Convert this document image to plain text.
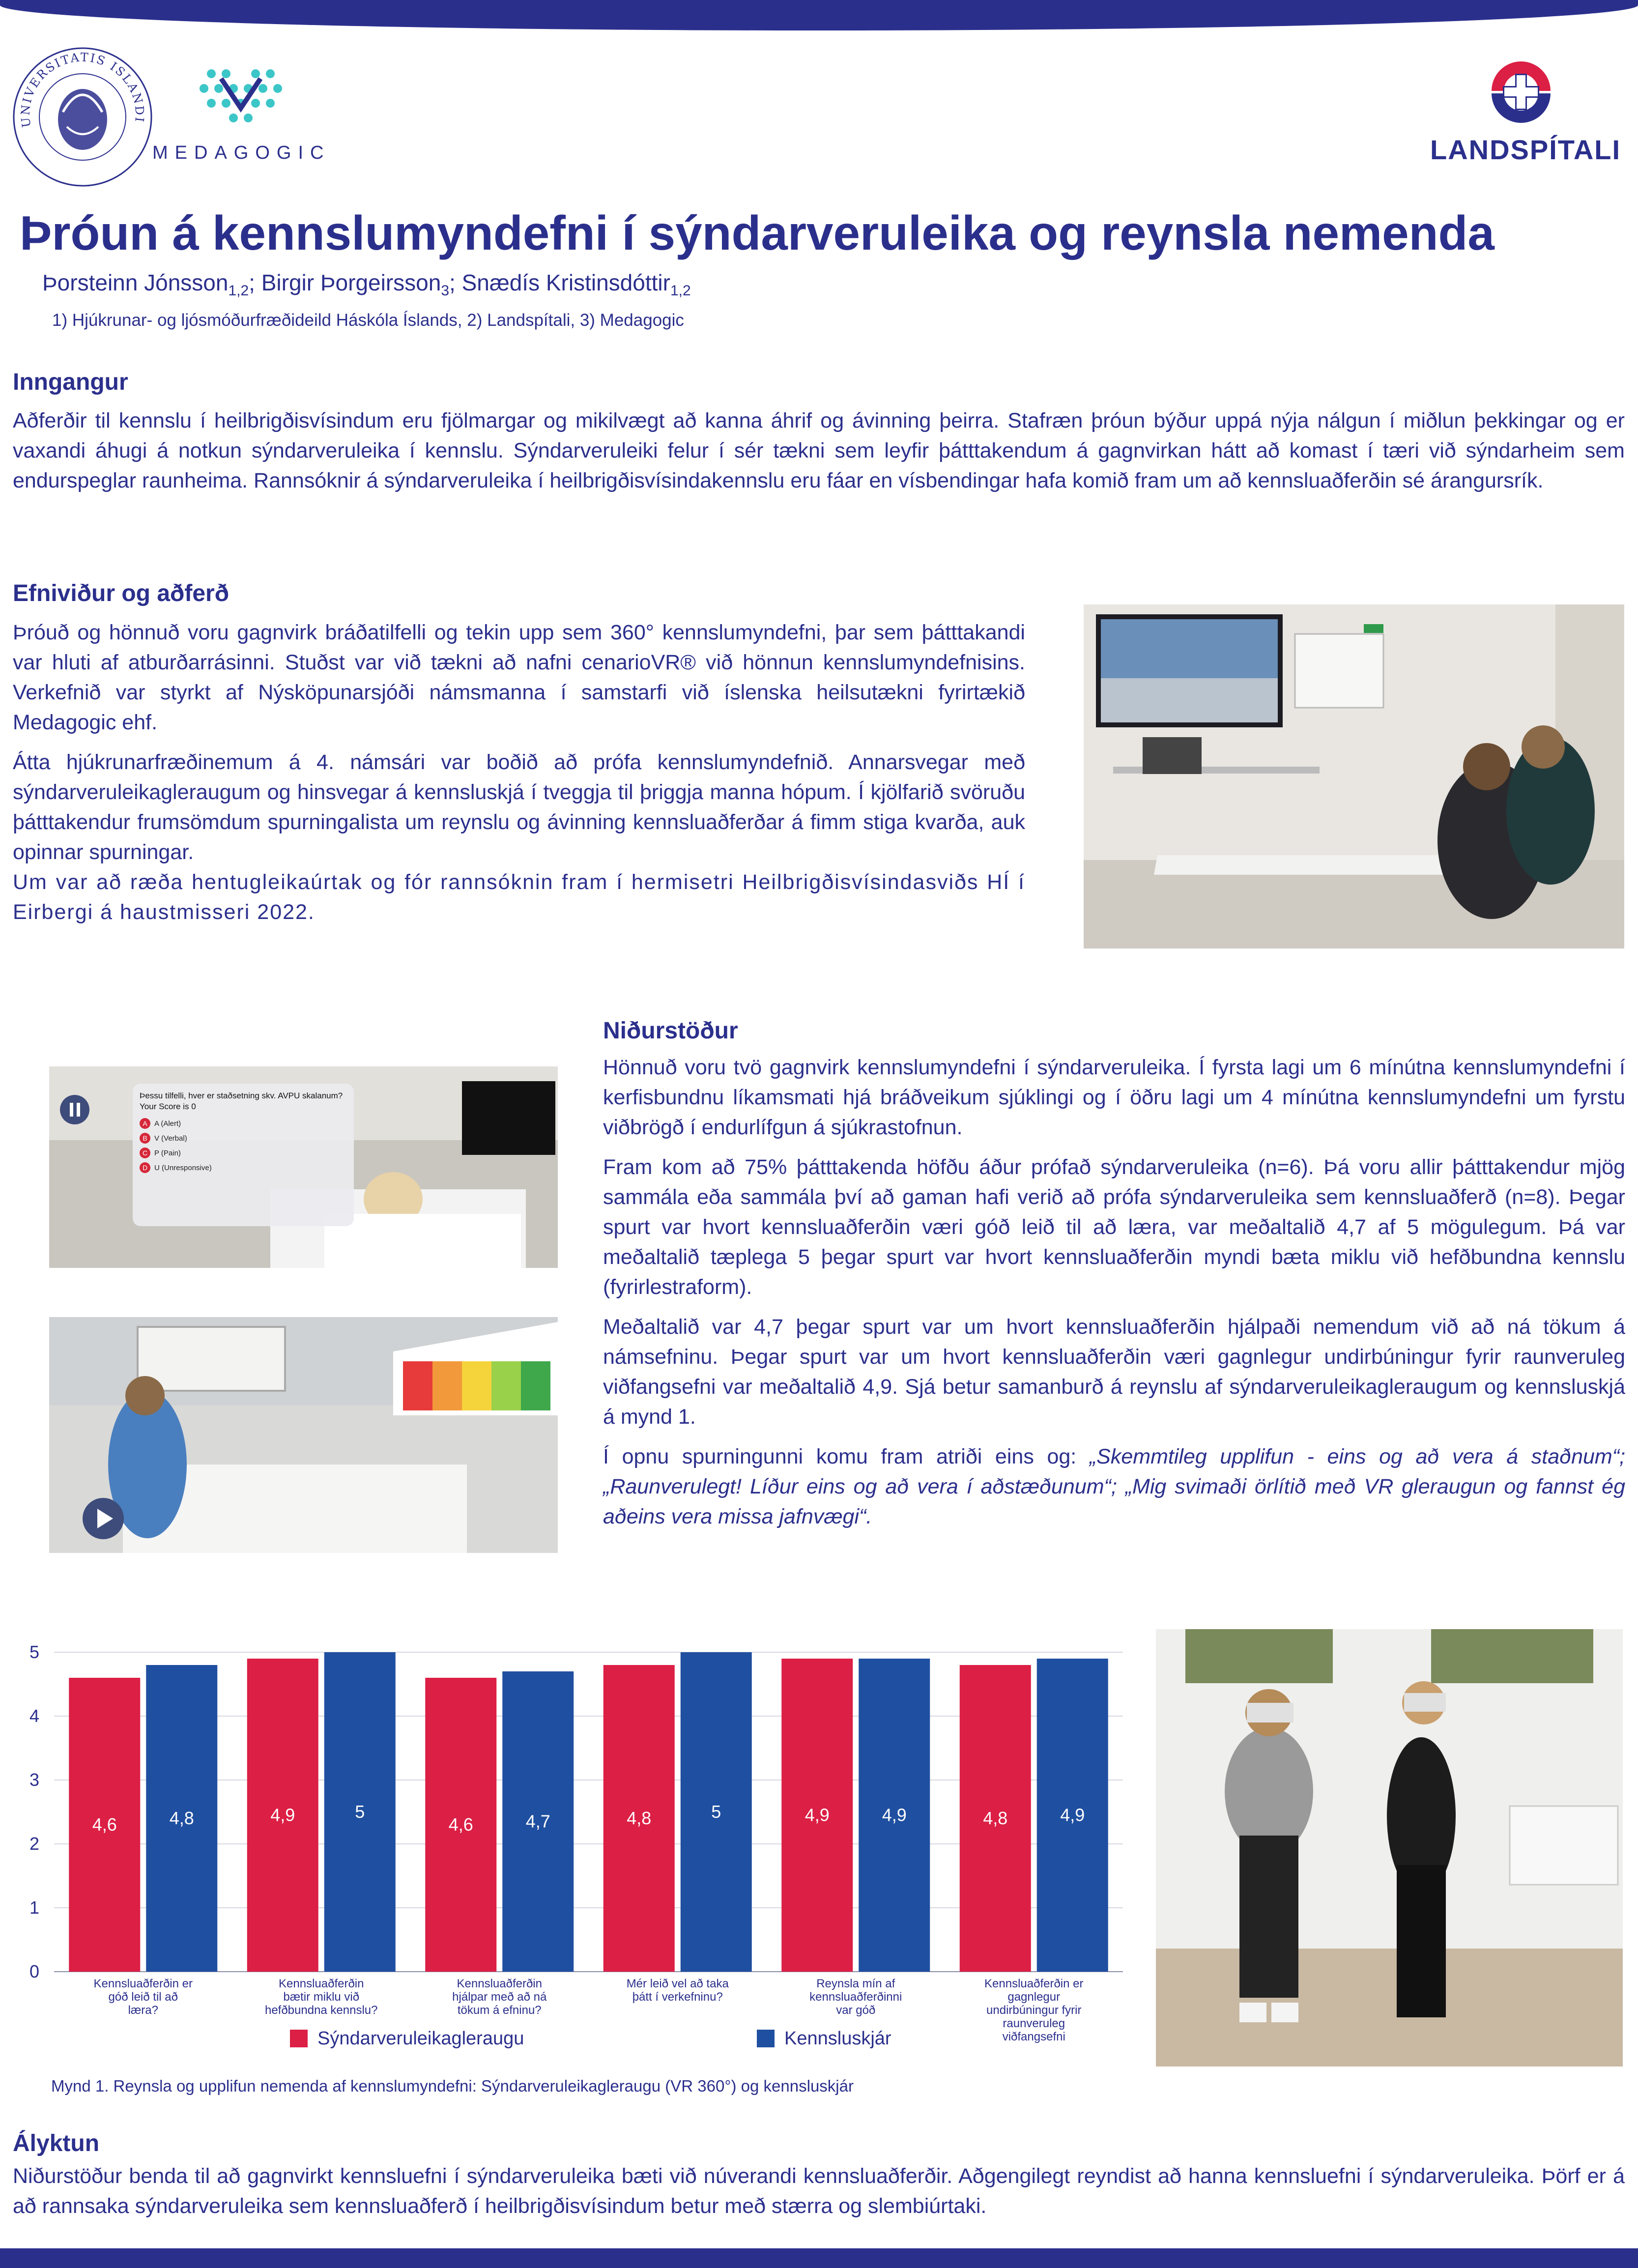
UNIVERSITATIS ISLANDI
MEDAGOGIC	LANDSPÍTALI
Þróun á kennslumyndefni í sýndarveruleika og reynsla nemenda
Þorsteinn Jónsson$_{1,2}$; Birgir Þorgeirsson$_3$; Snædís Kristinsdóttir$_{1,2}$
1) Hjúkrunar- og ljósmóðurfræðideild Háskóla Íslands, 2) Landspítali, 3) Medagogic
Inngangur

Aðferðir til kennslu í heilbrigðisvísindum eru fjölmargar og mikilvægt að kanna áhrif og ávinning þeirra. Stafræn þróun býður uppá nýja nálgun í miðlun þekkingar og er vaxandi áhugi á notkun sýndarveruleika í kennslu. Sýndarveruleiki felur í sér tækni sem leyfir þátttakendum á gagnvirkan hátt að komast í tæri við sýndarheim sem endurspeglar raunheima. Rannsóknir á sýndarveruleika í heilbrigðisvísindakennslu eru fáar en vísbendingar hafa komið fram um að kennsluaðferðin sé árangursrík.

Efniviður og aðferð

Þróuð og hönnuð voru gagnvirk bráðatilfelli og tekin upp sem 360° kennslumyndefni, þar sem þátttakandi var hluti af atburðarrásinni. Stuðst var við tækni að nafni cenarioVR® við hönnun kennslumyndefnisins. Verkefnið var styrkt af Nýsköpunarsjóði námsmanna í samstarfi við íslenska heilsutækni fyrirtækið Medagogic ehf.

Átta hjúkrunarfræðinemum á 4. námsári var boðið að prófa kennslumyndefnið. Annarsvegar með sýndarveruleikagleraugum og hinsvegar á kennsluskjá í tveggja til þriggja manna hópum. Í kjölfarið svöruðu þátttakendur frumsömdum spurningalista um reynslu og ávinning kennsluaðferðar á fimm stiga kvarða, auk opinnar spurningar.

Um var að ræða hentugleikaúrtak og fór rannsóknin fram í hermisetri Heilbrigðisvísindasviðs HÍ í Eirbergi á haustmisseri 2022.

Þessu tilfelli, hver er staðsetning skv. AVPU skalanum? Your Score is 0
A A (Alert)
B V (Verbal)
C P (Pain)
D U (Unresponsive)
Niðurstöður

Hönnuð voru tvö gagnvirk kennslumyndefni í sýndarveruleika. Í fyrsta lagi um 6 mínútna kennslumyndefni í kerfisbundnu líkamsmati hjá bráðveikum sjúklingi og í öðru lagi um 4 mínútna kennslumyndefni um fyrstu viðbrögð í endurlífgun á sjúkrastofnun.

Fram kom að 75% þátttakenda höfðu áður prófað sýndarveruleika (n=6). Þá voru allir þátttakendur mjög sammála eða sammála því að gaman hafi verið að prófa sýndarveruleika sem kennsluaðferð (n=8). Þegar spurt var hvort kennsluaðferðin væri góð leið til að læra, var meðaltalið 4,7 af 5 mögulegum. Þá var meðaltalið tæplega 5 þegar spurt var hvort kennsluaðferðin myndi bæta miklu við hefðbundna kennslu (fyrirlestraform).

Meðaltalið var 4,7 þegar spurt var um hvort kennsluaðferðin hjálpaði nemendum við að ná tökum á námsefninu. Þegar spurt var um hvort kennsluaðferðin væri gagnlegur undirbúningur fyrir raunveruleg viðfangsefni var meðaltalið 4,9. Sjá betur samanburð á reynslu af sýndarveruleikagleraugum og kennsluskjá á mynd 1.

Í opnu spurningunni komu fram atriði eins og: „Skemmtileg upplifun - eins og að vera á staðnum“; „Raunverulegt! Líður eins og að vera í aðstæðunum“; „Mig svimaði örlítið með VR gleraugun og fannst ég aðeins vera missa jafnvægi“.

0
1
2
3
4
5
4,6	4,8
Kennsluaðferðin er góð leið til að læra?
4,9	5
Kennsluaðferðin bætir miklu við hefðbundna kennslu?
4,6	4,7
Kennsluaðferðin hjálpar með að ná tökum á efninu?
4,8	5
Mér leið vel að taka þátt í verkefninu?
4,9	4,9
Reynsla mín af kennsluaðferðinni var góð
4,8	4,9
Kennsluaðferðin er gagnlegur undirbúningur fyrir raunveruleg viðfangsefni
Sýndarveruleikagleraugu	Kennsluskjár
Mynd 1. Reynsla og upplifun nemenda af kennslumyndefni: Sýndarveruleikagleraugu (VR 360°) og kennsluskjár
Ályktun

Niðurstöður benda til að gagnvirkt kennsluefni í sýndarveruleika bæti við núverandi kennsluaðferðir. Aðgengilegt reyndist að hanna kennsluefni í sýndarveruleika. Þörf er á að rannsaka sýndarveruleika sem kennsluaðferð í heilbrigðisvísindum betur með stærra og slembiúrtaki.
